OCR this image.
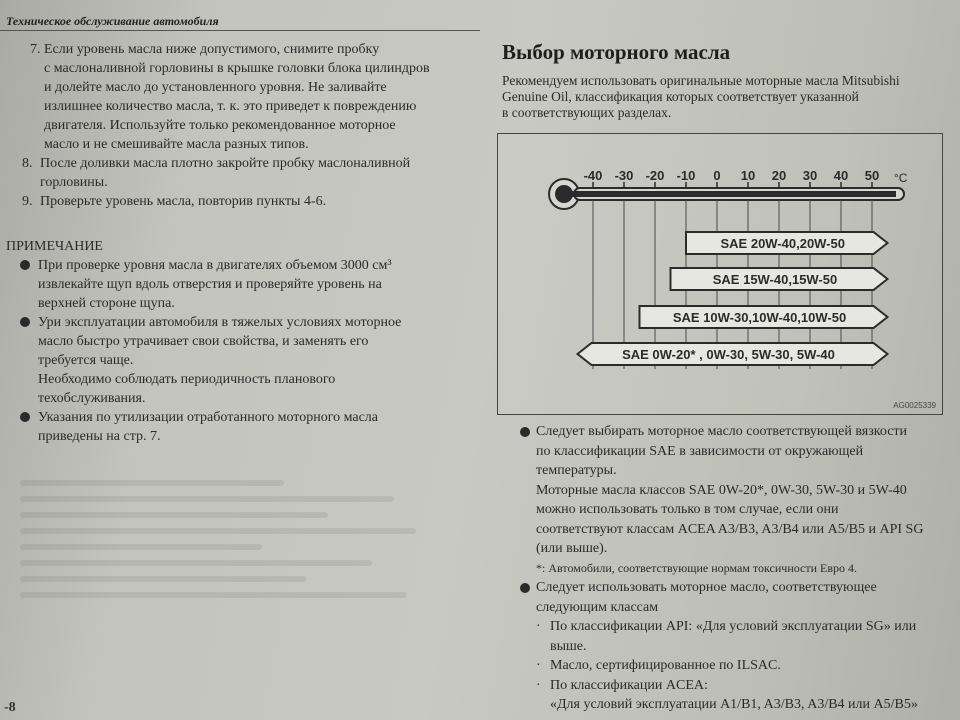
Техническое обслуживание автомобиля
7. Если уровень масла ниже допустимого, снимите пробку
с маслоналивной горловины в крышке головки блока цилиндров
и долейте масло до установленного уровня. Не заливайте
излишнее количество масла, т. к. это приведет к повреждению
двигателя. Используйте только рекомендованное моторное
масло и не смешивайте масла разных типов.
8. После доливки масла плотно закройте пробку маслоналивной
горловины.
9. Проверьте уровень масла, повторив пункты 4-6.
ПРИМЕЧАНИЕ
При проверке уровня масла в двигателях объемом 3000 см³
извлекайте щуп вдоль отверстия и проверяйте уровень на
верхней стороне щупа.
Ури эксплуатации автомобиля в тяжелых условиях моторное
масло быстро утрачивает свои свойства, и заменять его
требуется чаще.
Необходимо соблюдать периодичность планового
техобслуживания.
Указания по утилизации отработанного моторного масла
приведены на стр. 7.
-8
Выбор моторного масла
Рекомендуем использовать оригинальные моторные масла Mitsubishi
Genuine Oil, классификация которых соответствует указанной
в соответствующих разделах.
-40 -30 -20 -10 0 10 20 30 40 50 °C
SAE 20W-40,20W-50
SAE 15W-40,15W-50
SAE 10W-30,10W-40,10W-50
SAE 0W-20* , 0W-30, 5W-30, 5W-40
AG0025339
Следует выбирать моторное масло соответствующей вязкости
по классификации SAE в зависимости от окружающей
температуры.
Моторные масла классов SAE 0W-20*, 0W-30, 5W-30 и 5W-40
можно использовать только в том случае, если они
соответствуют классам ACEA A3/B3, A3/B4 или A5/B5 и API SG
(или выше).
*: Автомобили, соответствующие нормам токсичности Евро 4.
Следует использовать моторное масло, соответствующее
следующим классам
· По классификации API: «Для условий эксплуатации SG» или
выше.
· Масло, сертифицированное по ILSAC.
· По классификации ACEA:
«Для условий эксплуатации A1/B1, A3/B3, A3/B4 или A5/B5»
